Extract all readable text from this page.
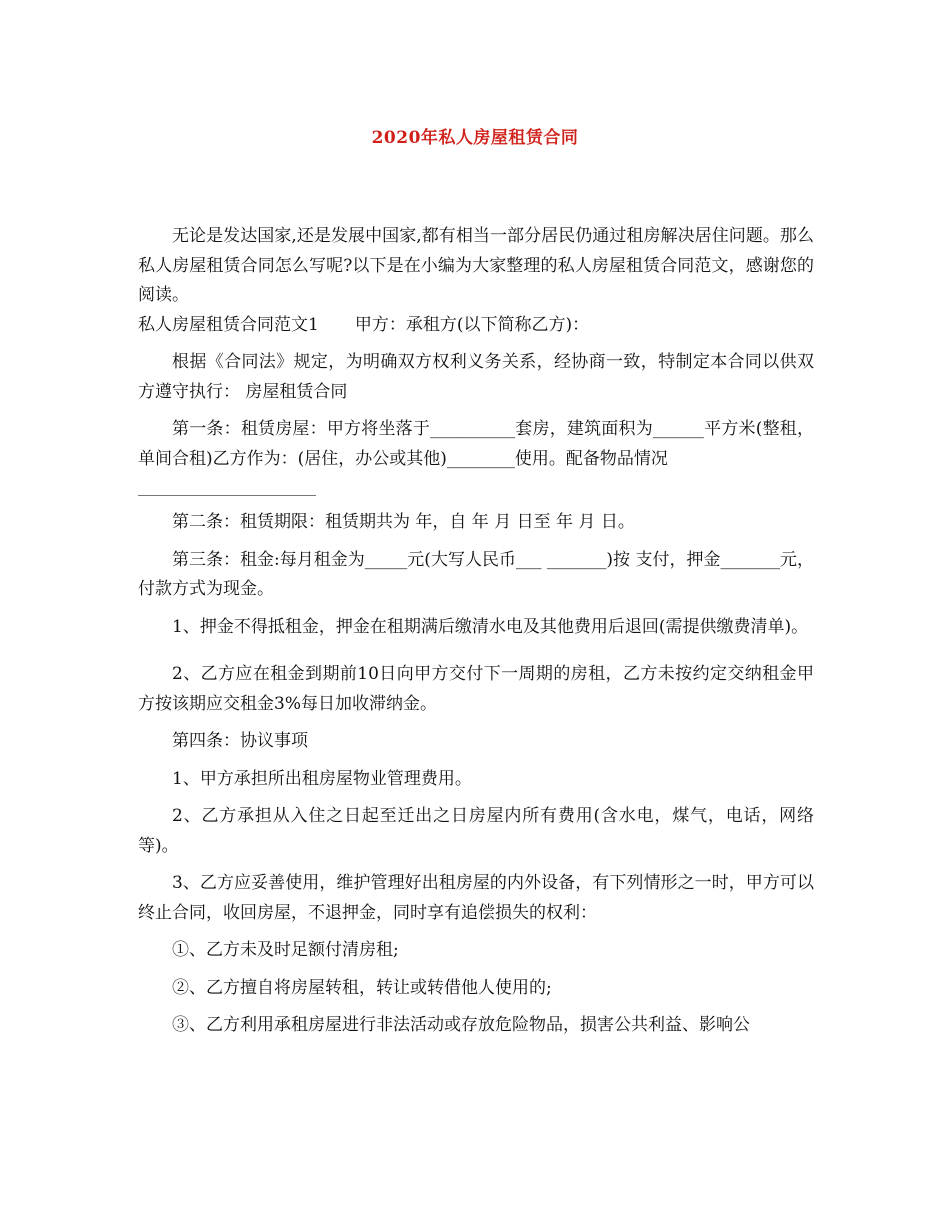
2020年私人房屋租赁合同

无论是发达国家,还是发展中国家,都有相当一部分居民仍通过租房解决居住问题。那么私人房屋租赁合同怎么写呢?以下是在小编为大家整理的私人房屋租赁合同范文，感谢您的阅读。

私人房屋租赁合同范文1 甲方：承租方(以下简称乙方)：

根据《合同法》规定，为明确双方权利义务关系，经协商一致，特制定本合同以供双方遵守执行： 房屋租赁合同

第一条：租赁房屋：甲方将坐落于__________套房，建筑面积为______平方米(整租，单间合租)乙方作为：(居住，办公或其他)________使用。配备物品情况

第二条：租赁期限：租赁期共为 年，自 年 月 日至 年 月 日。

第三条：租金:每月租金为_____元(大写人民币___ _______)按 支付，押金_______元，付款方式为现金。

1、押金不得抵租金，押金在租期满后缴清水电及其他费用后退回(需提供缴费清单)。

2、乙方应在租金到期前10日向甲方交付下一周期的房租，乙方未按约定交纳租金甲方按该期应交租金3%每日加收滞纳金。

第四条：协议事项

1、甲方承担所出租房屋物业管理费用。

2、乙方承担从入住之日起至迁出之日房屋内所有费用(含水电，煤气，电话，网络等)。

3、乙方应妥善使用，维护管理好出租房屋的内外设备，有下列情形之一时，甲方可以终止合同，收回房屋，不退押金，同时享有追偿损失的权利：

①、乙方未及时足额付清房租;

②、乙方擅自将房屋转租，转让或转借他人使用的;

③、乙方利用承租房屋进行非法活动或存放危险物品，损害公共利益、影响公
